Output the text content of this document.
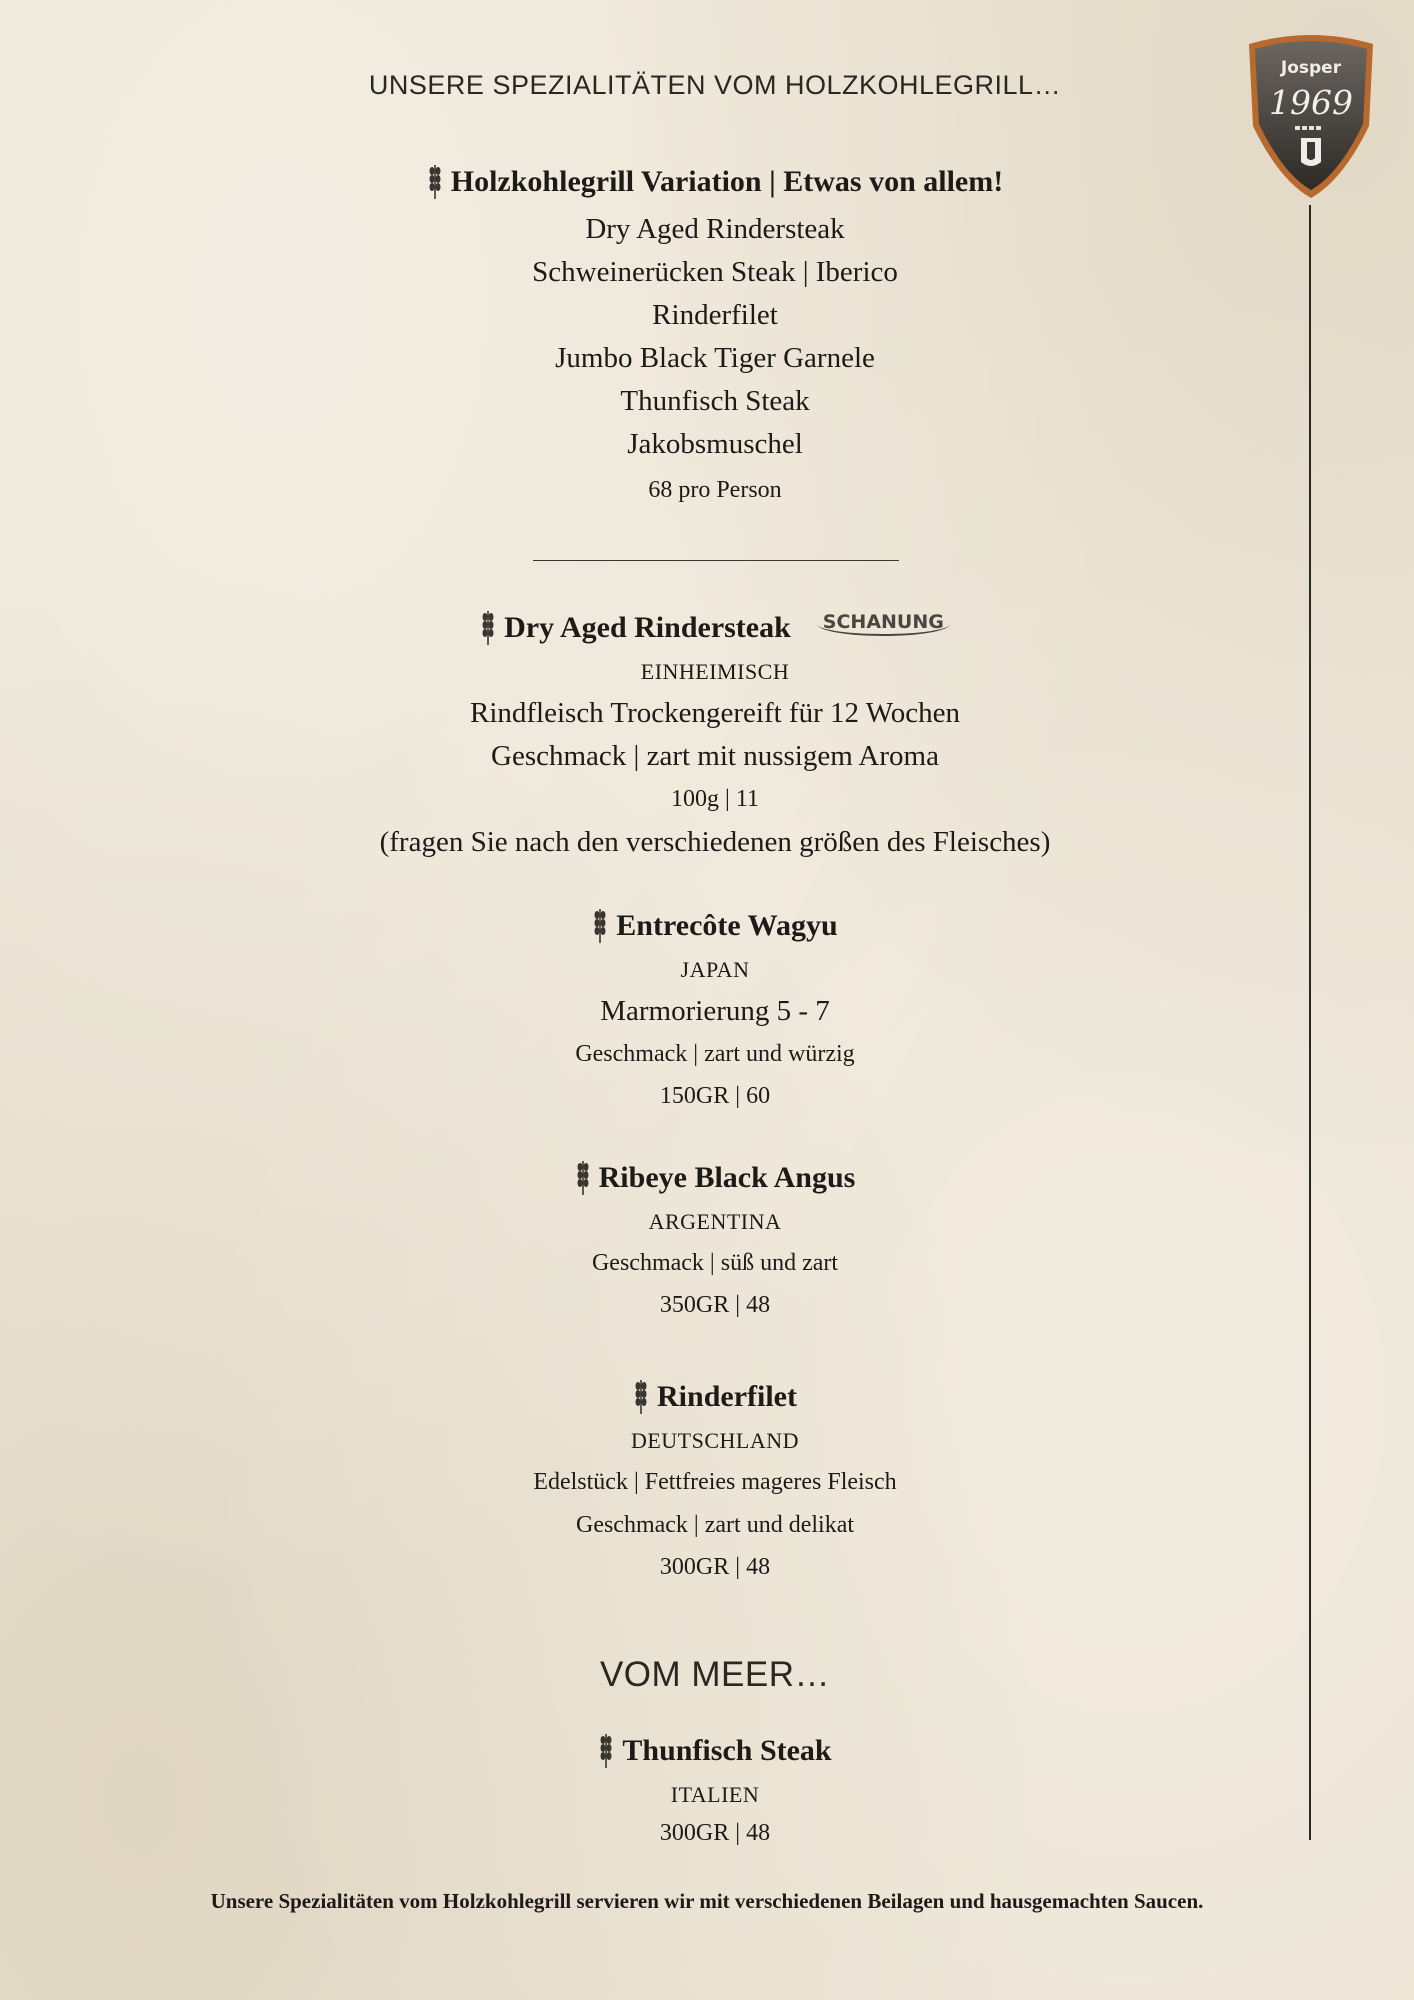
Josper
1969
UNSERE SPEZIALITÄTEN VOM HOLZKOHLEGRILL…
Holzkohlegrill Variation | Etwas von allem!
Dry Aged Rindersteak
Schweinerücken Steak | Iberico
Rinderfilet
Jumbo Black Tiger Garnele
Thunfisch Steak
Jakobsmuschel
68 pro Person
Dry Aged Rindersteak	SCHANUNG
EINHEIMISCH
Rindfleisch Trockengereift für 12 Wochen
Geschmack | zart mit nussigem Aroma
100g | 11
(fragen Sie nach den verschiedenen größen des Fleisches)
Entrecôte Wagyu
JAPAN
Marmorierung 5 - 7
Geschmack | zart und würzig
150GR | 60
Ribeye Black Angus
ARGENTINA
Geschmack | süß und zart
350GR | 48
Rinderfilet
DEUTSCHLAND
Edelstück | Fettfreies mageres Fleisch
Geschmack | zart und delikat
300GR | 48
VOM MEER…
Thunfisch Steak
ITALIEN
300GR | 48
Unsere Spezialitäten vom Holzkohlegrill servieren wir mit verschiedenen Beilagen und hausgemachten Saucen.
